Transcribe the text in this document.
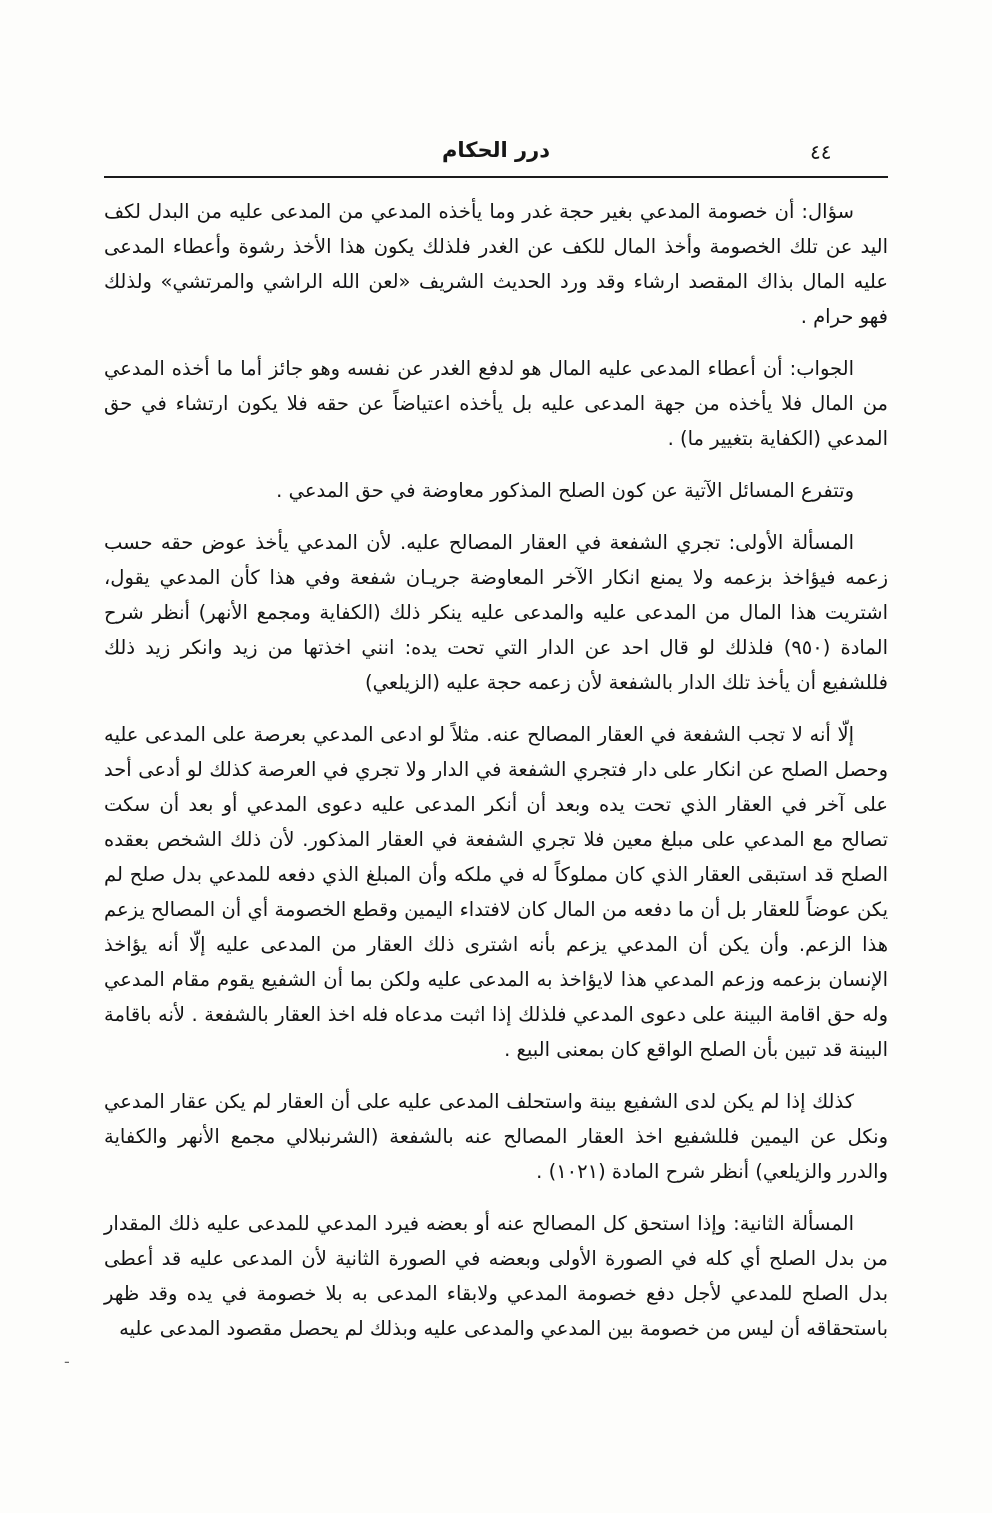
درر الحكام	٤٤

سؤال: أن خصومة المدعي بغير حجة غدر وما يأخذه المدعي من المدعى عليه من البدل لكف اليد عن تلك الخصومة وأخذ المال للكف عن الغدر فلذلك يكون هذا الأخذ رشوة وأعطاء المدعى عليه المال بذاك المقصد ارشاء وقد ورد الحديث الشريف «لعن الله الراشي والمرتشي» ولذلك فهو حرام .

الجواب: أن أعطاء المدعى عليه المال هو لدفع الغدر عن نفسه وهو جائز أما ما أخذه المدعي من المال فلا يأخذه من جهة المدعى عليه بل يأخذه اعتياضاً عن حقه فلا يكون ارتشاء في حق المدعي (الكفاية بتغيير ما) .

وتتفرع المسائل الآتية عن كون الصلح المذكور معاوضة في حق المدعي .

المسألة الأولى: تجري الشفعة في العقار المصالح عليه. لأن المدعي يأخذ عوض حقه حسب زعمه فيؤاخذ بزعمه ولا يمنع انكار الآخر المعاوضة جريـان شفعة وفي هذا كأن المدعي يقول، اشتريت هذا المال من المدعى عليه والمدعى عليه ينكر ذلك (الكفاية ومجمع الأنهر) أنظر شرح المادة (٩٥٠) فلذلك لو قال احد عن الدار التي تحت يده: انني اخذتها من زيد وانكر زيد ذلك فللشفيع أن يأخذ تلك الدار بالشفعة لأن زعمه حجة عليه (الزيلعي)

إلّا أنه لا تجب الشفعة في العقار المصالح عنه. مثلاً لو ادعى المدعي بعرصة على المدعى عليه وحصل الصلح عن انكار على دار فتجري الشفعة في الدار ولا تجري في العرصة كذلك لو أدعى أحد على آخر في العقار الذي تحت يده وبعد أن أنكر المدعى عليه دعوى المدعي أو بعد أن سكت تصالح مع المدعي على مبلغ معين فلا تجري الشفعة في العقار المذكور. لأن ذلك الشخص بعقده الصلح قد استبقى العقار الذي كان مملوكاً له في ملكه وأن المبلغ الذي دفعه للمدعي بدل صلح لم يكن عوضاً للعقار بل أن ما دفعه من المال كان لافتداء اليمين وقطع الخصومة أي أن المصالح يزعم هذا الزعم. وأن يكن أن المدعي يزعم بأنه اشترى ذلك العقار من المدعى عليه إلّا أنه يؤاخذ الإنسان بزعمه وزعم المدعي هذا لايؤاخذ به المدعى عليه ولكن بما أن الشفيع يقوم مقام المدعي وله حق اقامة البينة على دعوى المدعي فلذلك إذا اثبت مدعاه فله اخذ العقار بالشفعة . لأنه باقامة البينة قد تبين بأن الصلح الواقع كان بمعنى البيع .

كذلك إذا لم يكن لدى الشفيع بينة واستحلف المدعى عليه على أن العقار لم يكن عقار المدعي ونكل عن اليمين فللشفيع اخذ العقار المصالح عنه بالشفعة (الشرنبلالي مجمع الأنهر والكفاية والدرر والزيلعي) أنظر شرح المادة (١٠٢١) .

المسألة الثانية: وإذا استحق كل المصالح عنه أو بعضه فيرد المدعي للمدعى عليه ذلك المقدار من بدل الصلح أي كله في الصورة الأولى وبعضه في الصورة الثانية لأن المدعى عليه قد أعطى بدل الصلح للمدعي لأجل دفع خصومة المدعي ولابقاء المدعى به بلا خصومة في يده وقد ظهر باستحقاقه أن ليس من خصومة بين المدعي والمدعى عليه وبذلك لم يحصل مقصود المدعى عليه

-
